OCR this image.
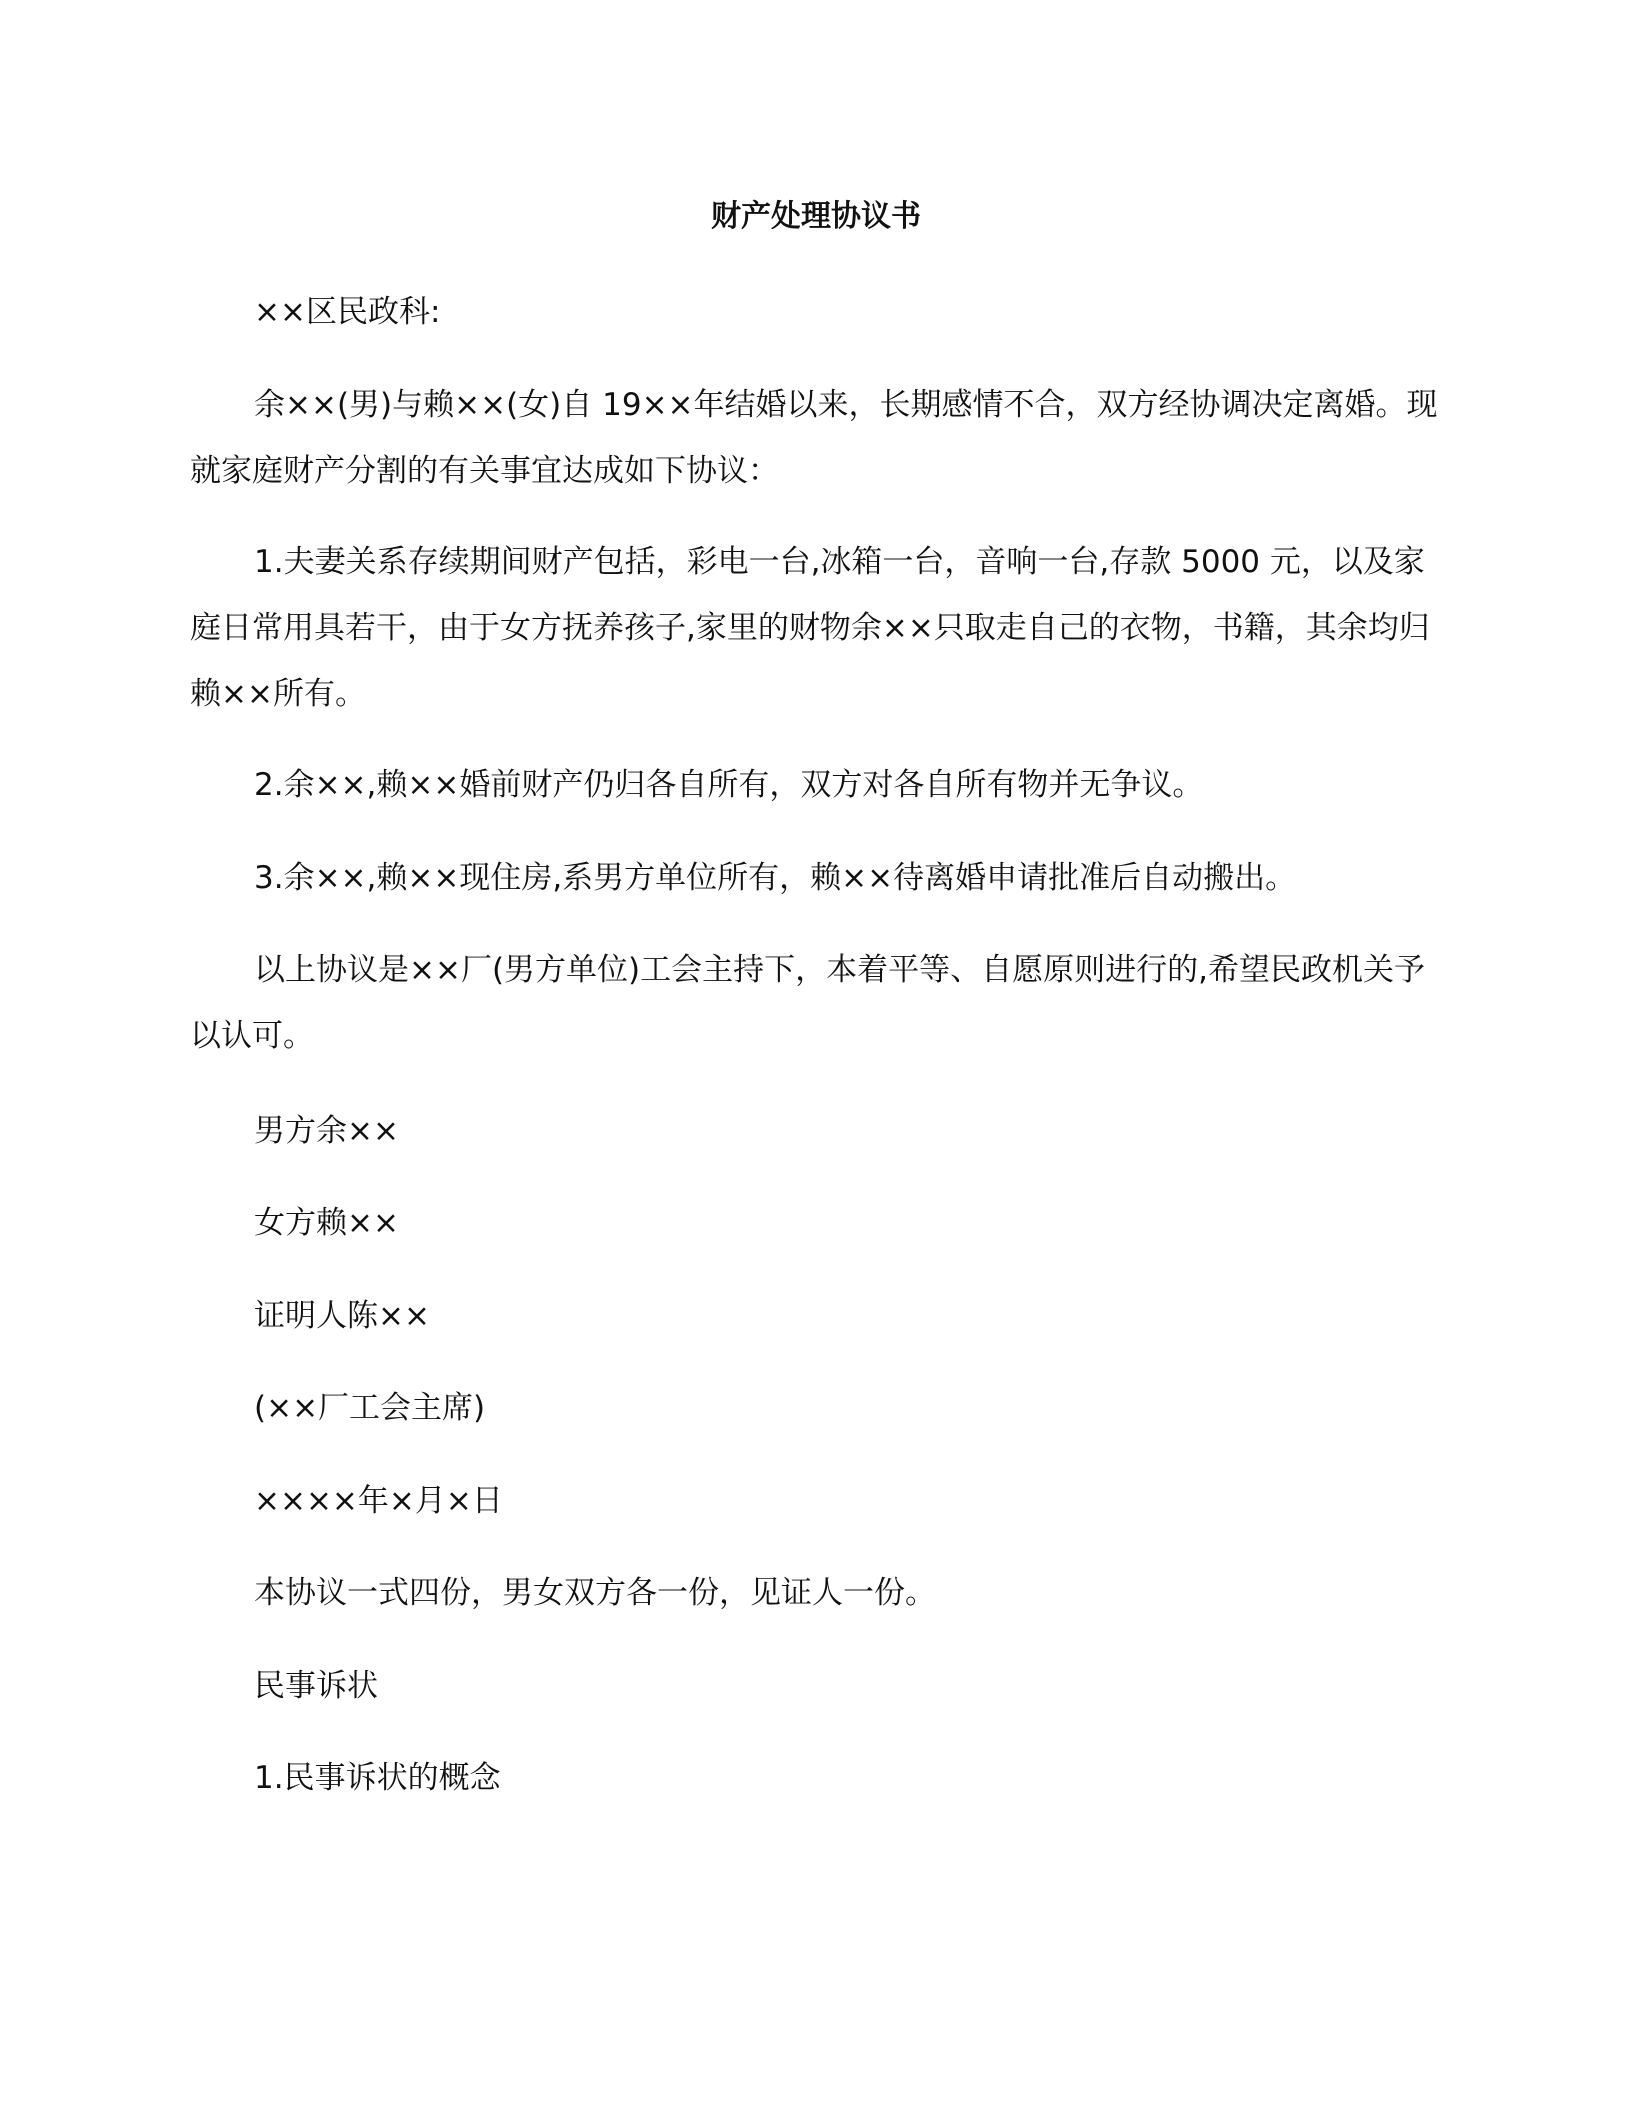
财产处理协议书
××区民政科:
余××(男)与赖××(女)自 19××年结婚以来，长期感情不合，双方经协调决定离婚。现就家庭财产分割的有关事宜达成如下协议：
1.夫妻关系存续期间财产包括，彩电一台,冰箱一台，音响一台,存款 5000 元，以及家庭日常用具若干，由于女方抚养孩子,家里的财物余××只取走自己的衣物，书籍，其余均归赖××所有。
2.余××,赖××婚前财产仍归各自所有，双方对各自所有物并无争议。
3.余××,赖××现住房,系男方单位所有，赖××待离婚申请批准后自动搬出。
以上协议是××厂(男方单位)工会主持下，本着平等、自愿原则进行的,希望民政机关予以认可。
男方余××
女方赖××
证明人陈××
(××厂工会主席)
××××年×月×日
本协议一式四份，男女双方各一份，见证人一份。
民事诉状
1.民事诉状的概念
